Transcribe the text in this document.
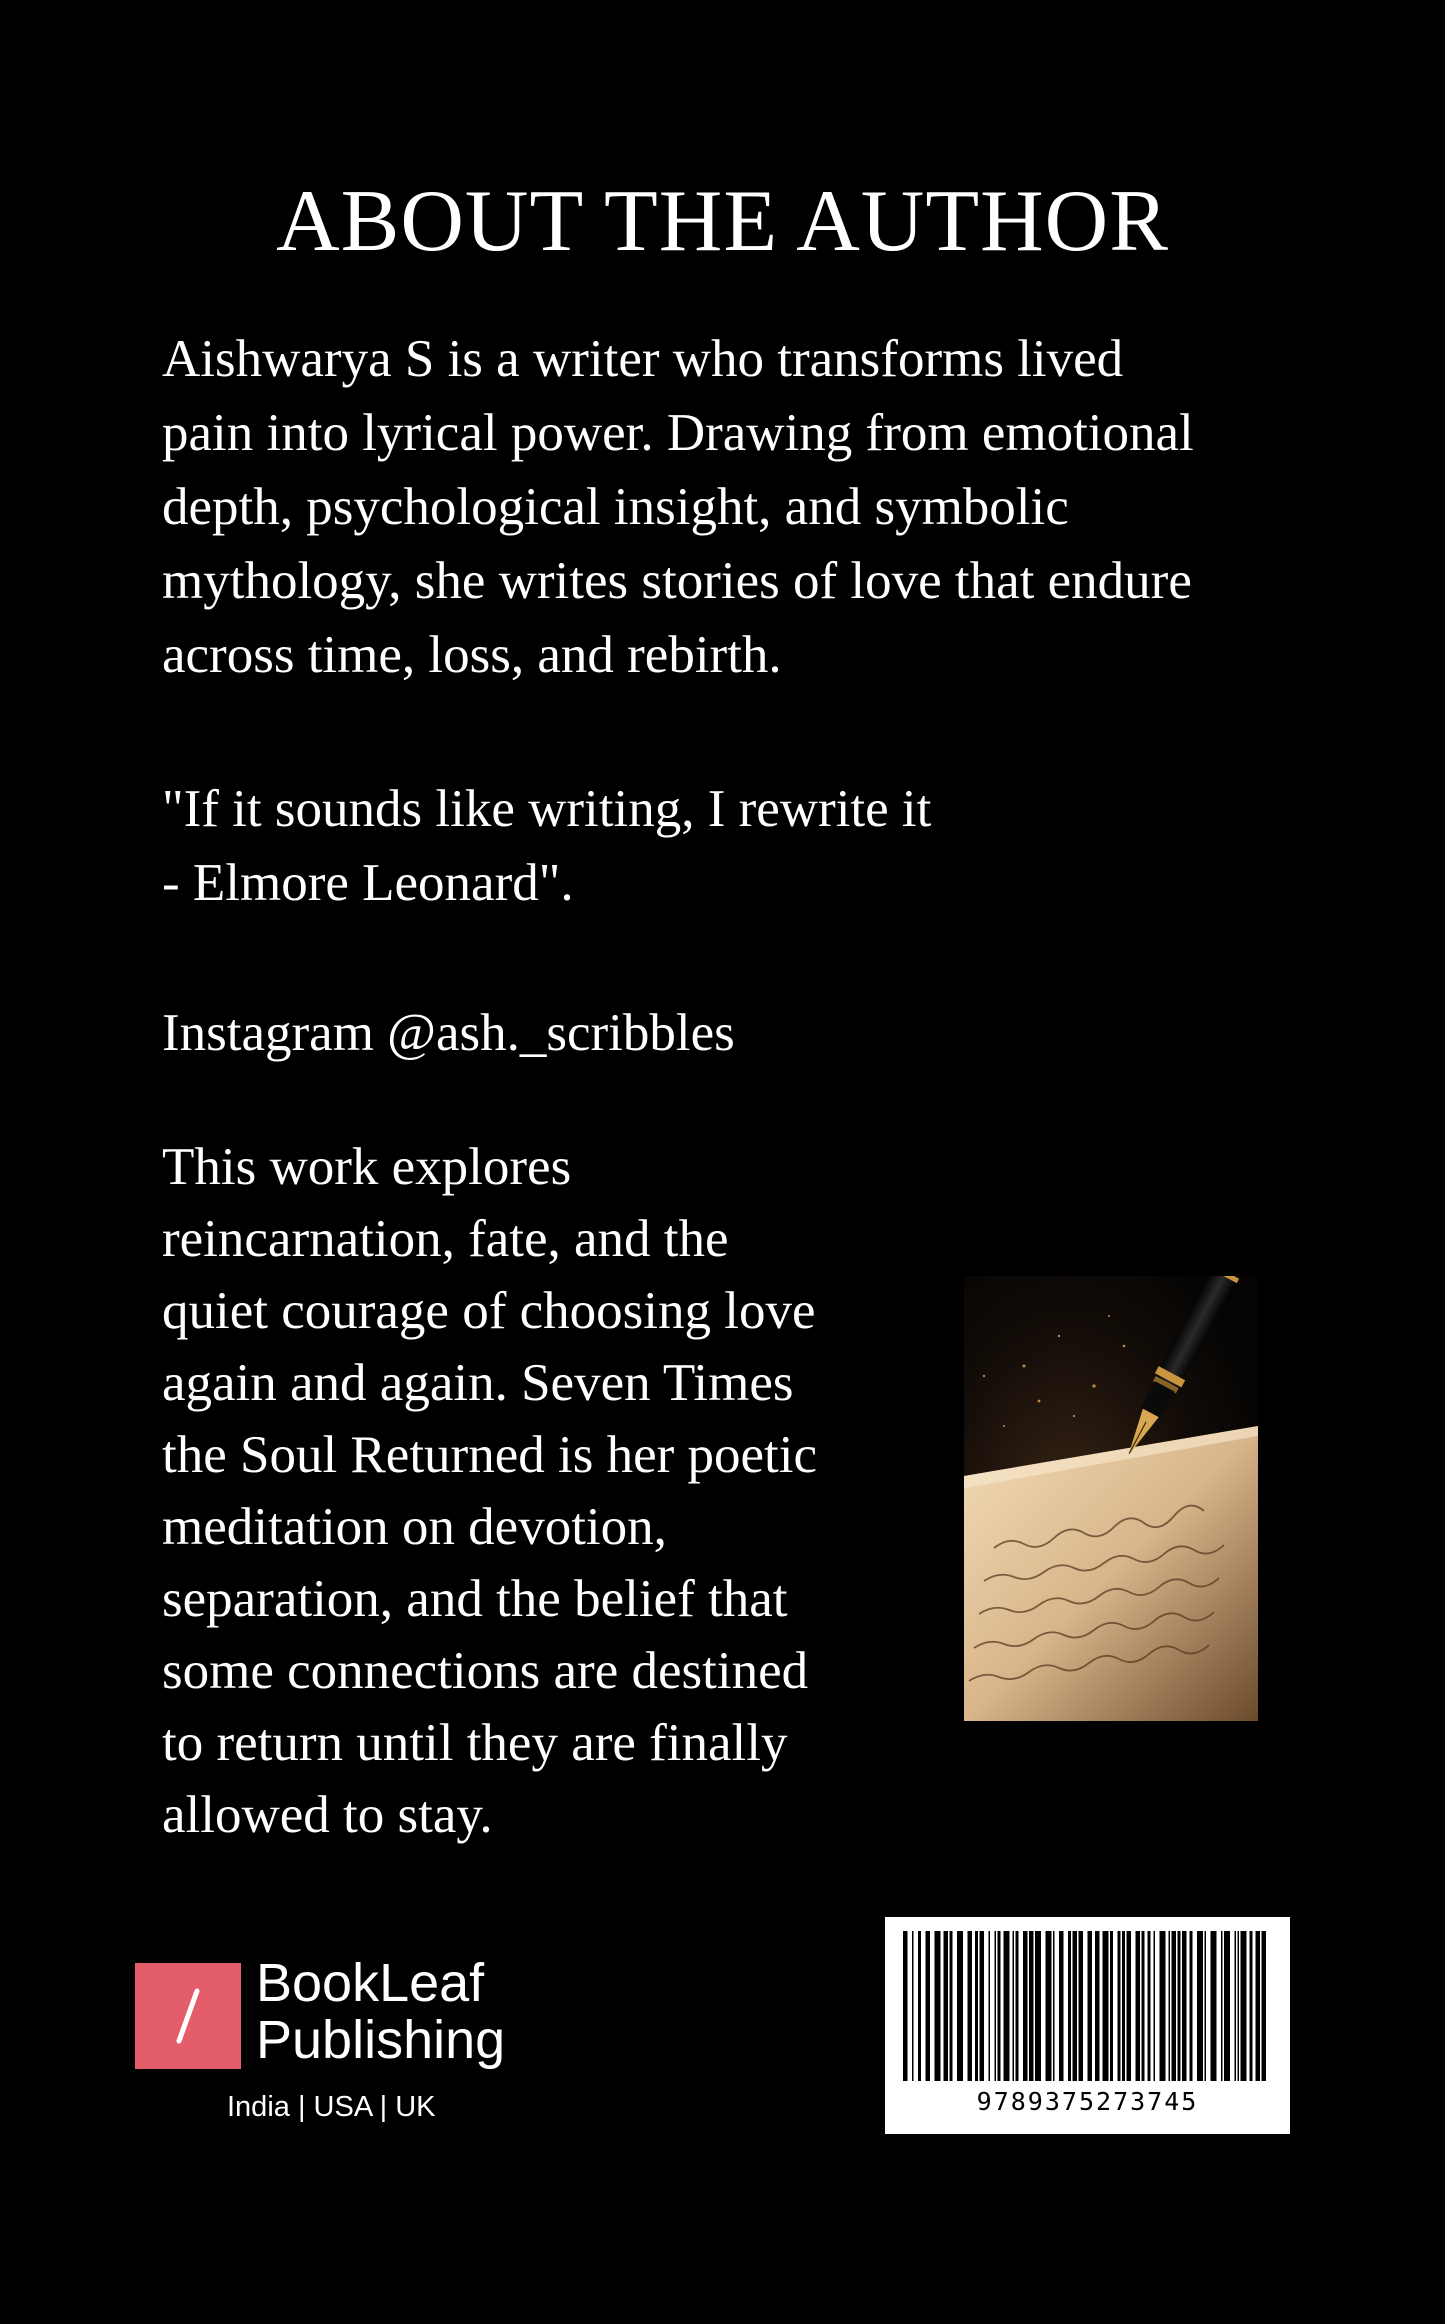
ABOUT THE AUTHOR

Aishwarya S is a writer who transforms lived
pain into lyrical power. Drawing from emotional
depth, psychological insight, and symbolic
mythology, she writes stories of love that endure
across time, loss, and rebirth.

"If it sounds like writing, I rewrite it
- Elmore Leonard".

Instagram @ash._scribbles

This work explores
reincarnation, fate, and the
quiet courage of choosing love
again and again. Seven Times
the Soul Returned is her poetic
meditation on devotion,
separation, and the belief that
some connections are destined
to return until they are finally
allowed to stay.

BookLeaf
Publishing
India | USA | UK	9789375273745
